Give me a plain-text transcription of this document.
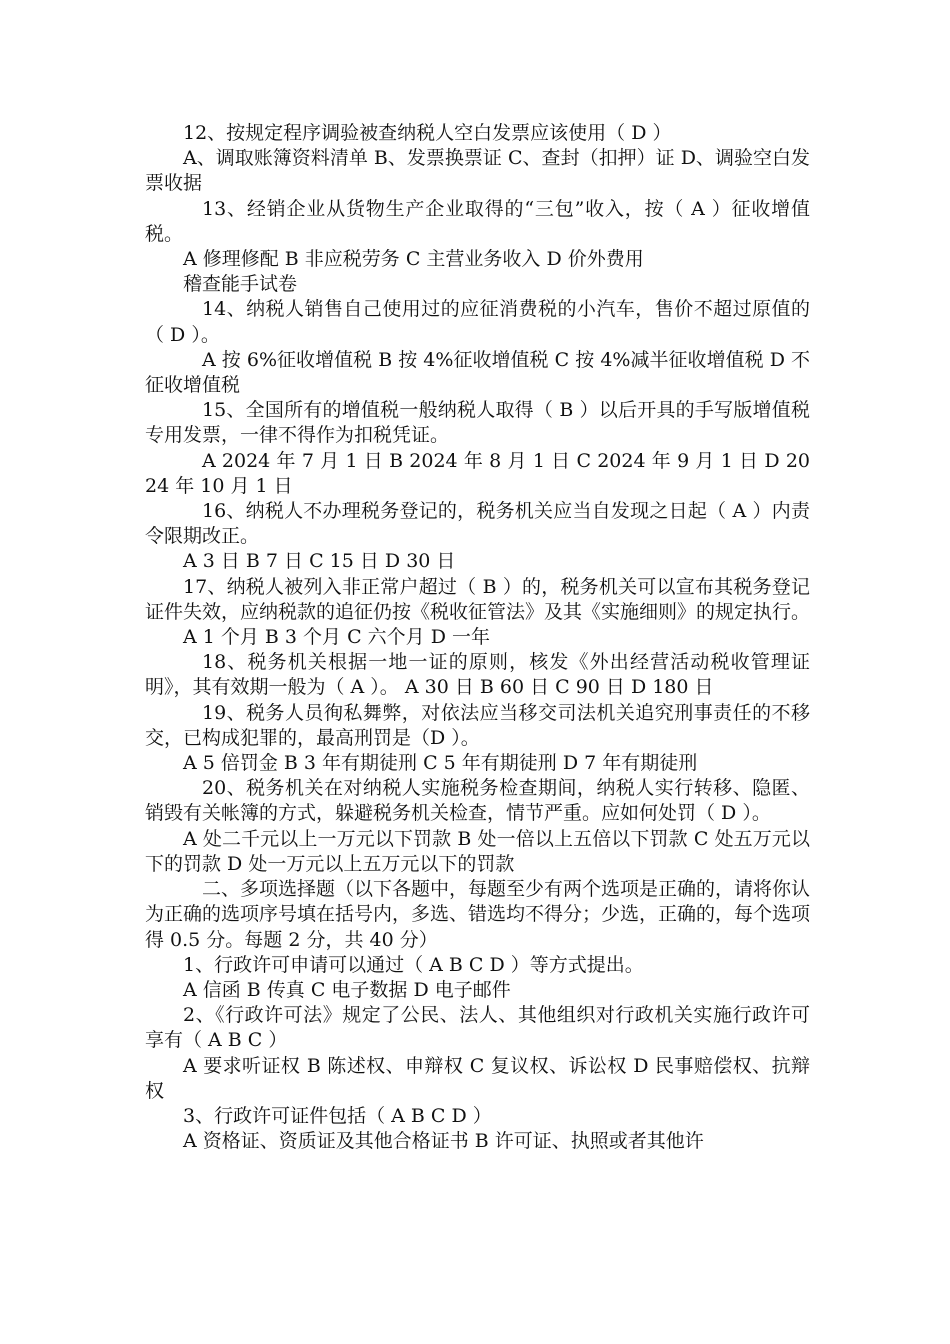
12、按规定程序调验被查纳税人空白发票应该使用（ D ）

A、调取账簿资料清单 B、发票换票证 C、查封（扣押）证 D、调验空白发票收据

13、经销企业从货物生产企业取得的“三包”收入，按（ A ）征收增值税。

A 修理修配 B 非应税劳务 C 主营业务收入 D 价外费用

稽查能手试卷

14、纳税人销售自己使用过的应征消费税的小汽车，售价不超过原值的（ D ）。

A 按 6%征收增值税 B 按 4%征收增值税 C 按 4%减半征收增值税 D 不征收增值税

15、全国所有的增值税一般纳税人取得（ B ）以后开具的手写版增值税专用发票，一律不得作为扣税凭证。

A 2024 年 7 月 1 日 B 2024 年 8 月 1 日 C 2024 年 9 月 1 日 D 2024 年 10 月 1 日

16、纳税人不办理税务登记的，税务机关应当自发现之日起（ A ）内责令限期改正。

A 3 日 B 7 日 C 15 日 D 30 日

17、纳税人被列入非正常户超过（ B ）的，税务机关可以宣布其税务登记证件失效，应纳税款的追征仍按《税收征管法》及其《实施细则》的规定执行。

A 1 个月 B 3 个月 C 六个月 D 一年

18、税务机关根据一地一证的原则，核发《外出经营活动税收管理证明》，其有效期一般为（ A ）。 A 30 日 B 60 日 C 90 日 D 180 日

19、税务人员徇私舞弊，对依法应当移交司法机关追究刑事责任的不移交，已构成犯罪的，最高刑罚是（D ）。

A 5 倍罚金 B 3 年有期徒刑 C 5 年有期徒刑 D 7 年有期徒刑

20、税务机关在对纳税人实施税务检查期间，纳税人实行转移、隐匿、销毁有关帐簿的方式，躲避税务机关检查，情节严重。应如何处罚（ D ）。

A 处二千元以上一万元以下罚款 B 处一倍以上五倍以下罚款 C 处五万元以下的罚款 D 处一万元以上五万元以下的罚款

二、多项选择题（以下各题中，每题至少有两个选项是正确的，请将你认为正确的选项序号填在括号内，多选、错选均不得分；少选，正确的，每个选项得 0.5 分。每题 2 分，共 40 分）

1、行政许可申请可以通过（ A B C D ）等方式提出。

A 信函 B 传真 C 电子数据 D 电子邮件

2、《行政许可法》规定了公民、法人、其他组织对行政机关实施行政许可享有（ A B C ）

A 要求听证权 B 陈述权、申辩权 C 复议权、诉讼权 D 民事赔偿权、抗辩权

3、行政许可证件包括（ A B C D ）

A 资格证、资质证及其他合格证书 B 许可证、执照或者其他许
